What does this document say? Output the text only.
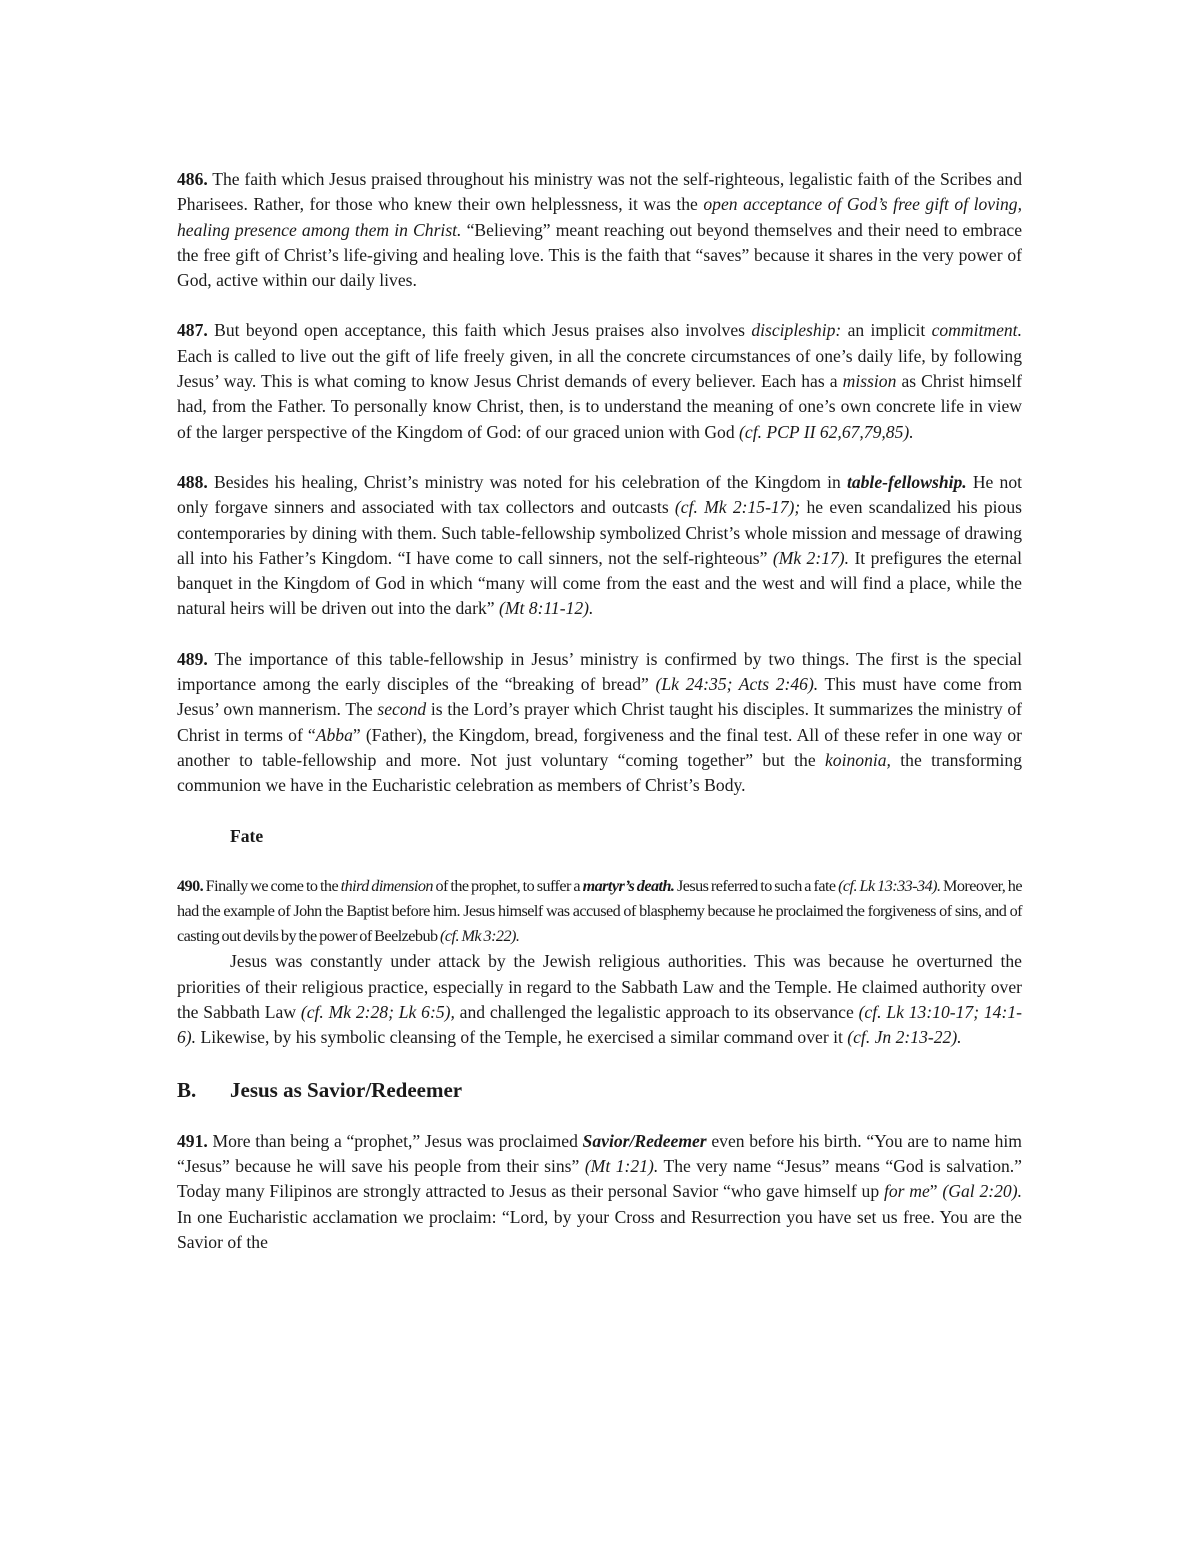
486. The faith which Jesus praised throughout his ministry was not the self-righteous, legalistic faith of the Scribes and Pharisees. Rather, for those who knew their own helplessness, it was the open acceptance of God’s free gift of loving, healing presence among them in Christ. “Believing” meant reaching out beyond themselves and their need to embrace the free gift of Christ’s life-giving and healing love. This is the faith that “saves” because it shares in the very power of God, active within our daily lives.

487. But beyond open acceptance, this faith which Jesus praises also involves discipleship: an implicit commitment. Each is called to live out the gift of life freely given, in all the concrete circumstances of one’s daily life, by following Jesus’ way. This is what coming to know Jesus Christ demands of every believer. Each has a mission as Christ himself had, from the Father. To personally know Christ, then, is to understand the meaning of one’s own concrete life in view of the larger perspective of the Kingdom of God: of our graced union with God (cf. PCP II 62,67,79,85).

488. Besides his healing, Christ’s ministry was noted for his celebration of the Kingdom in table-fellowship. He not only forgave sinners and associated with tax collectors and outcasts (cf. Mk 2:15-17); he even scandalized his pious contemporaries by dining with them. Such table-fellowship symbolized Christ’s whole mission and message of drawing all into his Father’s Kingdom. “I have come to call sinners, not the self-righteous” (Mk 2:17). It prefigures the eternal banquet in the Kingdom of God in which “many will come from the east and the west and will find a place, while the natural heirs will be driven out into the dark” (Mt 8:11-12).

489. The importance of this table-fellowship in Jesus’ ministry is confirmed by two things. The first is the special importance among the early disciples of the “breaking of bread” (Lk 24:35; Acts 2:46). This must have come from Jesus’ own mannerism. The second is the Lord’s prayer which Christ taught his disciples. It summarizes the ministry of Christ in terms of “Abba” (Father), the Kingdom, bread, forgiveness and the final test. All of these refer in one way or another to table-fellowship and more. Not just voluntary “coming together” but the koinonia, the transforming communion we have in the Eucharistic celebration as members of Christ’s Body.

Fate

490. Finally we come to the third dimension of the prophet, to suffer a martyr’s death. Jesus referred to such a fate (cf. Lk 13:33-34). Moreover, he had the example of John the Baptist before him. Jesus himself was accused of blasphemy because he proclaimed the forgiveness of sins, and of casting out devils by the power of Beelzebub (cf. Mk 3:22).

Jesus was constantly under attack by the Jewish religious authorities. This was because he overturned the priorities of their religious practice, especially in regard to the Sabbath Law and the Temple. He claimed authority over the Sabbath Law (cf. Mk 2:28; Lk 6:5), and challenged the legalistic approach to its observance (cf. Lk 13:10-17; 14:1-6). Likewise, by his symbolic cleansing of the Temple, he exercised a similar command over it (cf. Jn 2:13-22).

B.	Jesus as Savior/Redeemer

491. More than being a “prophet,” Jesus was proclaimed Savior/Redeemer even before his birth. “You are to name him “Jesus” because he will save his people from their sins” (Mt 1:21). The very name “Jesus” means “God is salvation.” Today many Filipinos are strongly attracted to Jesus as their personal Savior “who gave himself up for me” (Gal 2:20). In one Eucharistic acclamation we proclaim: “Lord, by your Cross and Resurrection you have set us free. You are the Savior of the
